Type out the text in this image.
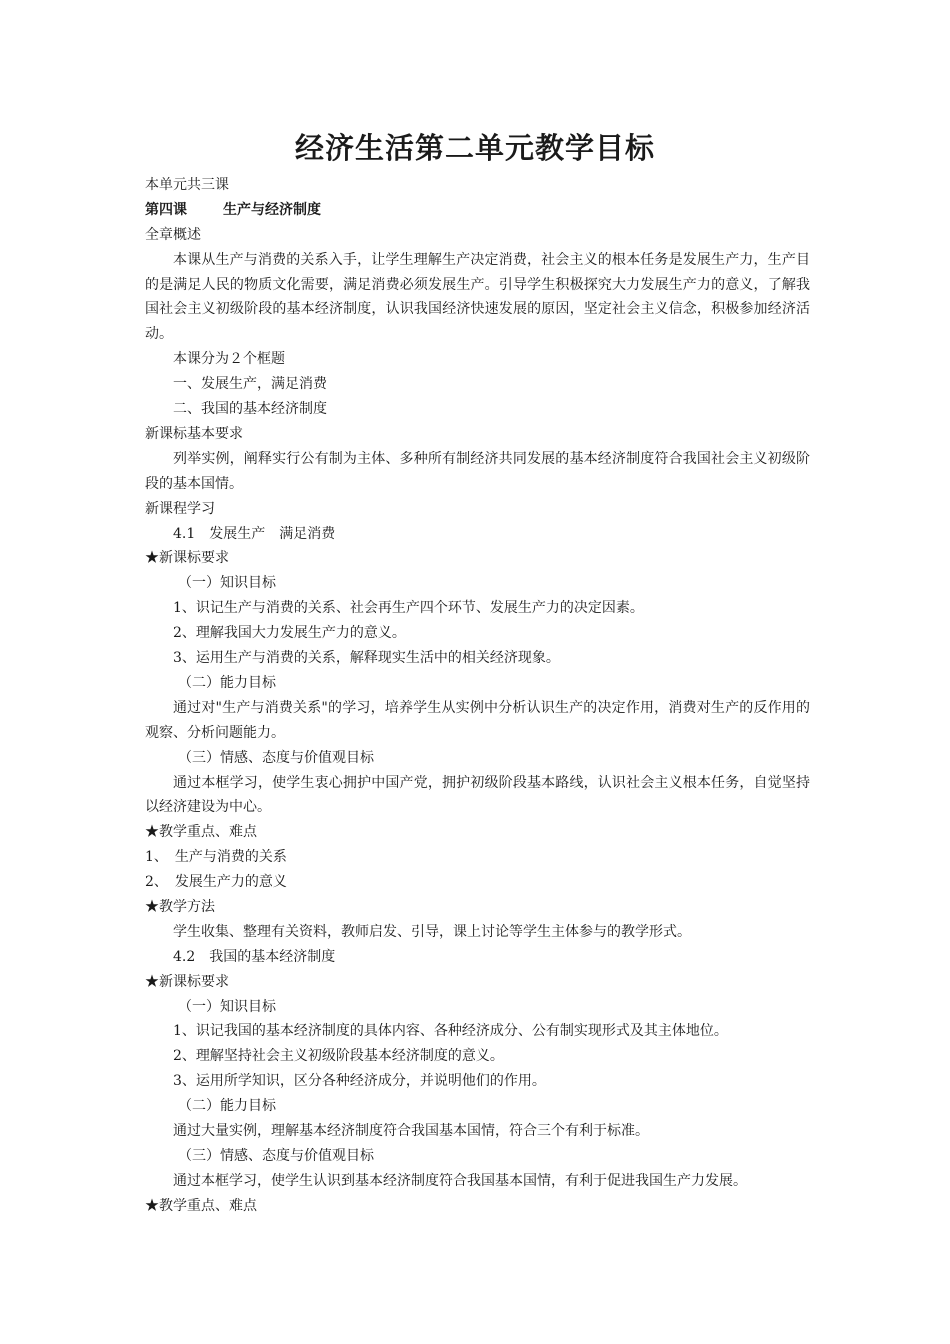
经济生活第二单元教学目标
本单元共三课
第四课	生产与经济制度
全章概述
本课从生产与消费的关系入手，让学生理解生产决定消费，社会主义的根本任务是发展生产力，生产目的是满足人民的物质文化需要，满足消费必须发展生产。引导学生积极探究大力发展生产力的意义，了解我国社会主义初级阶段的基本经济制度，认识我国经济快速发展的原因，坚定社会主义信念，积极参加经济活动。
本课分为２个框题
一、发展生产，满足消费
二、我国的基本经济制度
新课标基本要求
列举实例，阐释实行公有制为主体、多种所有制经济共同发展的基本经济制度符合我国社会主义初级阶段的基本国情。
新课程学习
4.1 发展生产 满足消费
★新课标要求
（一）知识目标
1、识记生产与消费的关系、社会再生产四个环节、发展生产力的决定因素。
2、理解我国大力发展生产力的意义。
3、运用生产与消费的关系，解释现实生活中的相关经济现象。
（二）能力目标
通过对"生产与消费关系"的学习，培养学生从实例中分析认识生产的决定作用，消费对生产的反作用的观察、分析问题能力。
（三）情感、态度与价值观目标
通过本框学习，使学生衷心拥护中国产党，拥护初级阶段基本路线，认识社会主义根本任务，自觉坚持以经济建设为中心。
★教学重点、难点
1、　生产与消费的关系
2、　发展生产力的意义
★教学方法
学生收集、整理有关资料，教师启发、引导，课上讨论等学生主体参与的教学形式。
4.2 我国的基本经济制度
★新课标要求
（一）知识目标
1、识记我国的基本经济制度的具体内容、各种经济成分、公有制实现形式及其主体地位。
2、理解坚持社会主义初级阶段基本经济制度的意义。
3、运用所学知识，区分各种经济成分，并说明他们的作用。
（二）能力目标
通过大量实例，理解基本经济制度符合我国基本国情，符合三个有利于标准。
（三）情感、态度与价值观目标
通过本框学习，使学生认识到基本经济制度符合我国基本国情，有利于促进我国生产力发展。
★教学重点、难点
